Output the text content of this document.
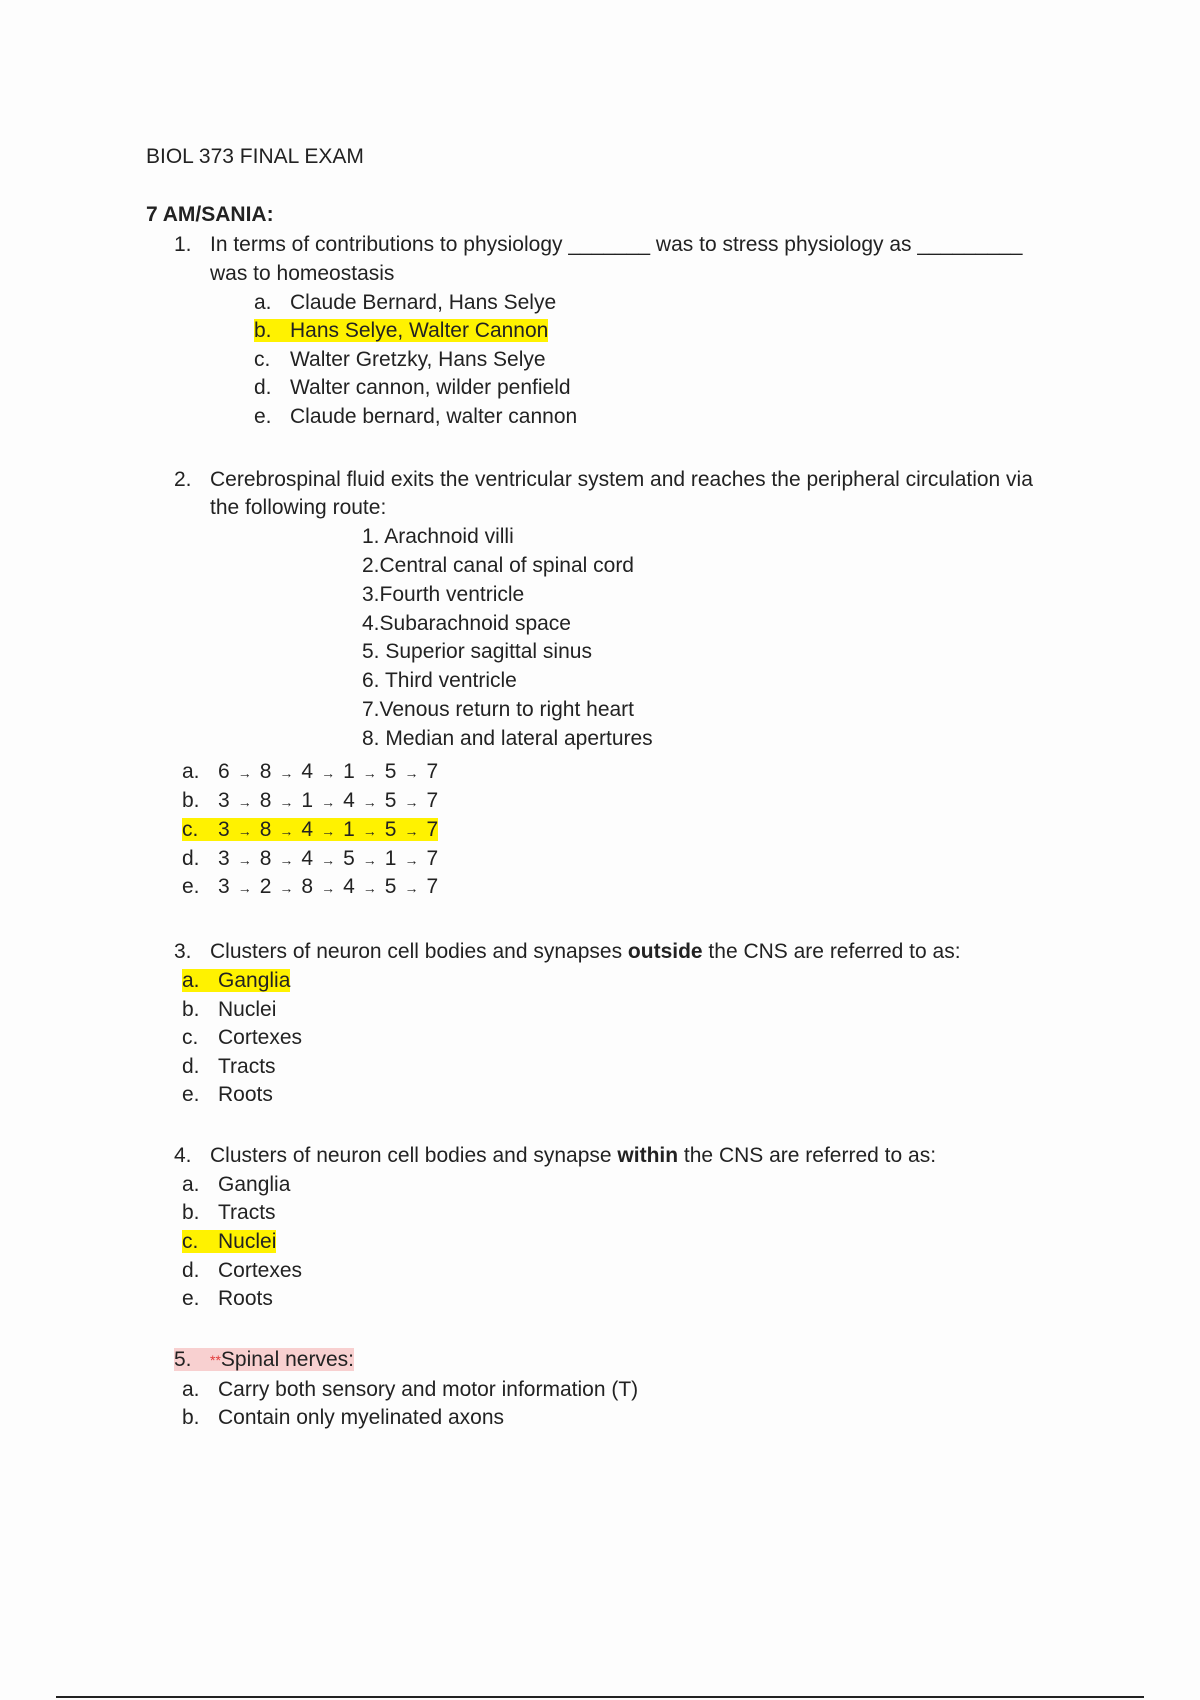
BIOL 373 FINAL EXAM
7 AM/SANIA:
1. In terms of contributions to physiology _______ was to stress physiology as _________
was to homeostasis
a. Claude Bernard, Hans Selye
b. Hans Selye, Walter Cannon
c. Walter Gretzky, Hans Selye
d. Walter cannon, wilder penfield
e. Claude bernard, walter cannon
2. Cerebrospinal fluid exits the ventricular system and reaches the peripheral circulation via
the following route:
1. Arachnoid villi
2.Central canal of spinal cord
3.Fourth ventricle
4.Subarachnoid space
5. Superior sagittal sinus
6. Third ventricle
7.Venous return to right heart
8. Median and lateral apertures
a. 6 → 8 → 4 → 1 → 5 → 7
b. 3 → 8 → 1 → 4 → 5 → 7
c. 3 → 8 → 4 → 1 → 5 → 7
d. 3 → 8 → 4 → 5 → 1 → 7
e. 3 → 2 → 8 → 4 → 5 → 7
3. Clusters of neuron cell bodies and synapses outside the CNS are referred to as:
a. Ganglia
b. Nuclei
c. Cortexes
d. Tracts
e. Roots
4. Clusters of neuron cell bodies and synapse within the CNS are referred to as:
a. Ganglia
b. Tracts
c. Nuclei
d. Cortexes
e. Roots
5. **Spinal nerves:
a. Carry both sensory and motor information (T)
b. Contain only myelinated axons
